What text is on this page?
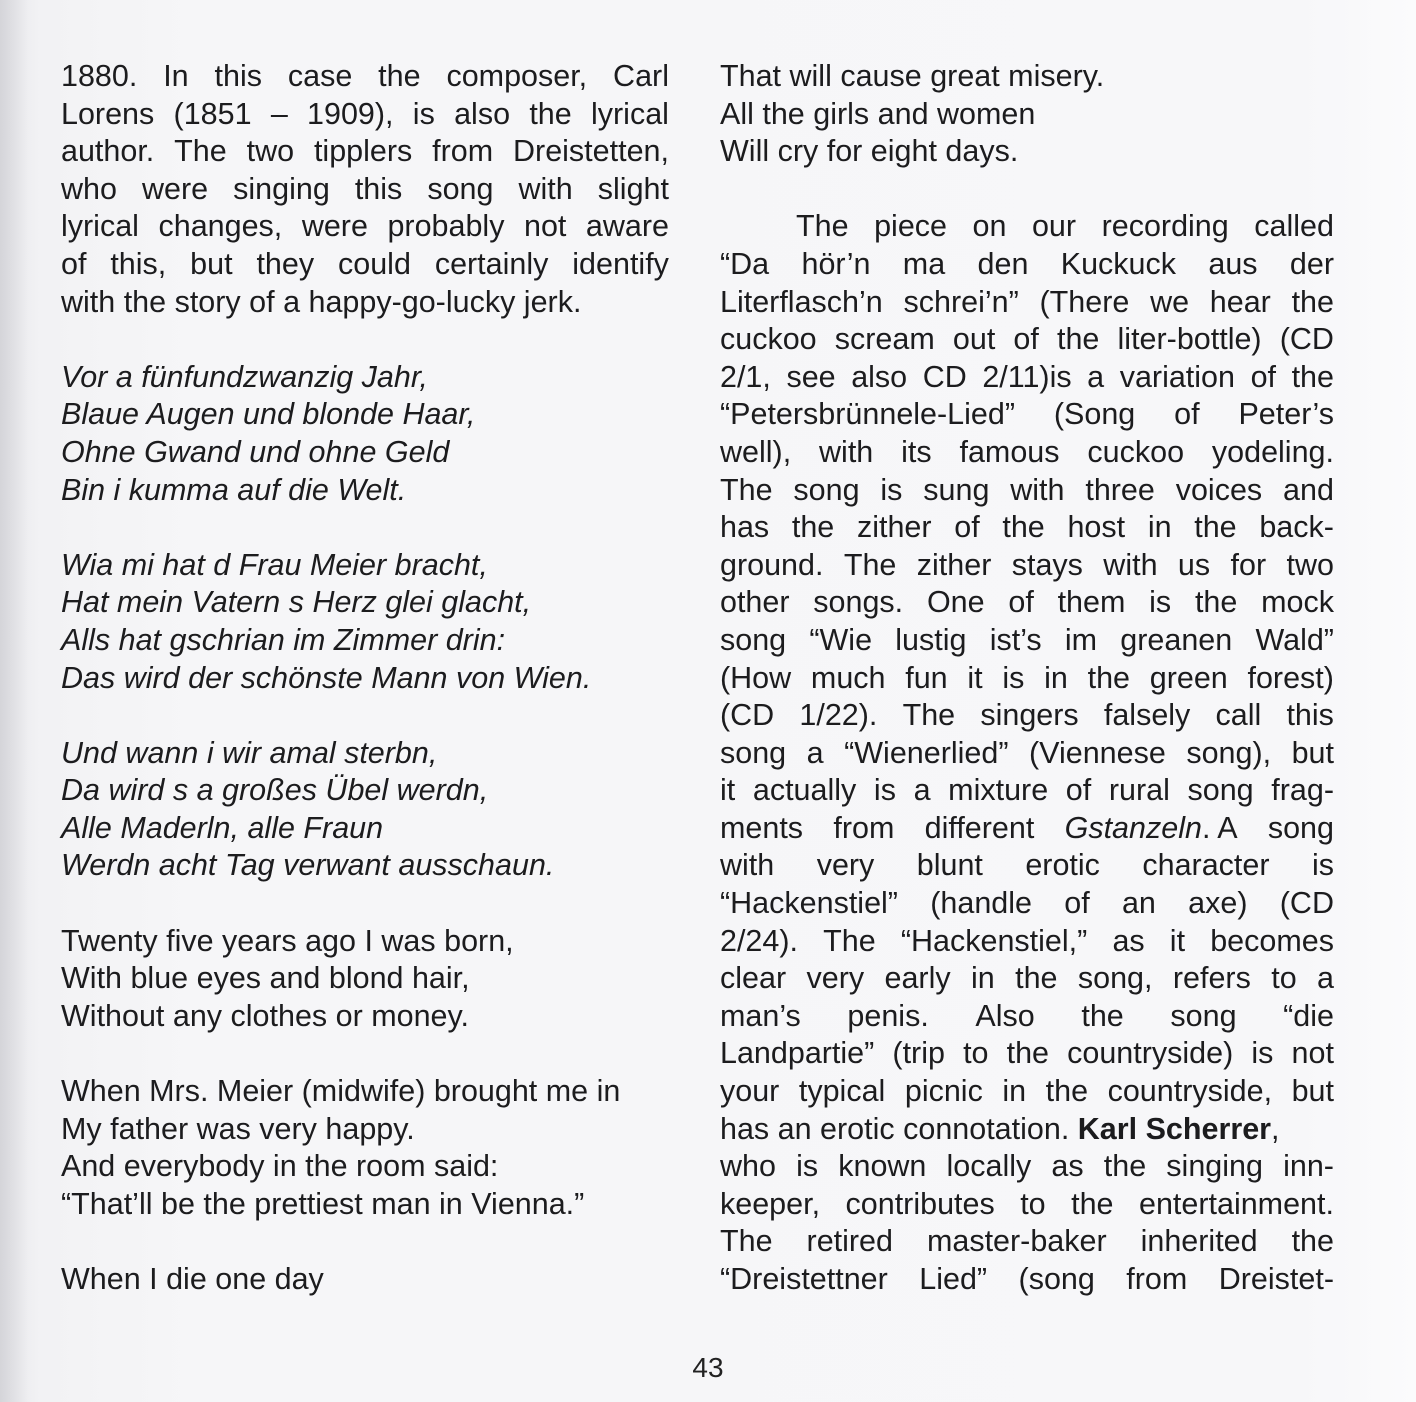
1880. In this case the composer, Carl
Lorens (1851 – 1909), is also the lyrical
author. The two tipplers from Dreistetten,
who were singing this song with slight
lyrical changes, were probably not aware
of this, but they could certainly identify
with the story of a happy-go-lucky jerk.
Vor a fünfundzwanzig Jahr,
Blaue Augen und blonde Haar,
Ohne Gwand und ohne Geld
Bin i kumma auf die Welt.
Wia mi hat d Frau Meier bracht,
Hat mein Vatern s Herz glei glacht,
Alls hat gschrian im Zimmer drin:
Das wird der schönste Mann von Wien.
Und wann i wir amal sterbn,
Da wird s a großes Übel werdn,
Alle Maderln, alle Fraun
Werdn acht Tag verwant ausschaun.
Twenty five years ago I was born,
With blue eyes and blond hair,
Without any clothes or money.
When Mrs. Meier (midwife) brought me in
My father was very happy.
And everybody in the room said:
“That’ll be the prettiest man in Vienna.”
When I die one day
That will cause great misery.
All the girls and women
Will cry for eight days.
The piece on our recording called
“Da hör’n ma den Kuckuck aus der
Literflasch’n schrei’n” (There we hear the
cuckoo scream out of the liter-bottle) (CD
2/1, see also CD 2/11)is a variation of the
“Petersbrünnele-Lied” (Song of Peter’s
well), with its famous cuckoo yodeling.
The song is sung with three voices and
has the zither of the host in the back-
ground. The zither stays with us for two
other songs. One of them is the mock
song “Wie lustig ist’s im greanen Wald”
(How much fun it is in the green forest)
(CD 1/22). The singers falsely call this
song a “Wienerlied” (Viennese song), but
it actually is a mixture of rural song frag-
ments from different Gstanzeln. A song
with very blunt erotic character is
“Hackenstiel” (handle of an axe) (CD
2/24). The “Hackenstiel,” as it becomes
clear very early in the song, refers to a
man’s penis. Also the song “die
Landpartie” (trip to the countryside) is not
your typical picnic in the countryside, but
has an erotic connotation. Karl Scherrer,
who is known locally as the singing inn-
keeper, contributes to the entertainment.
The retired master-baker inherited the
“Dreistettner Lied” (song from Dreistet-
43
